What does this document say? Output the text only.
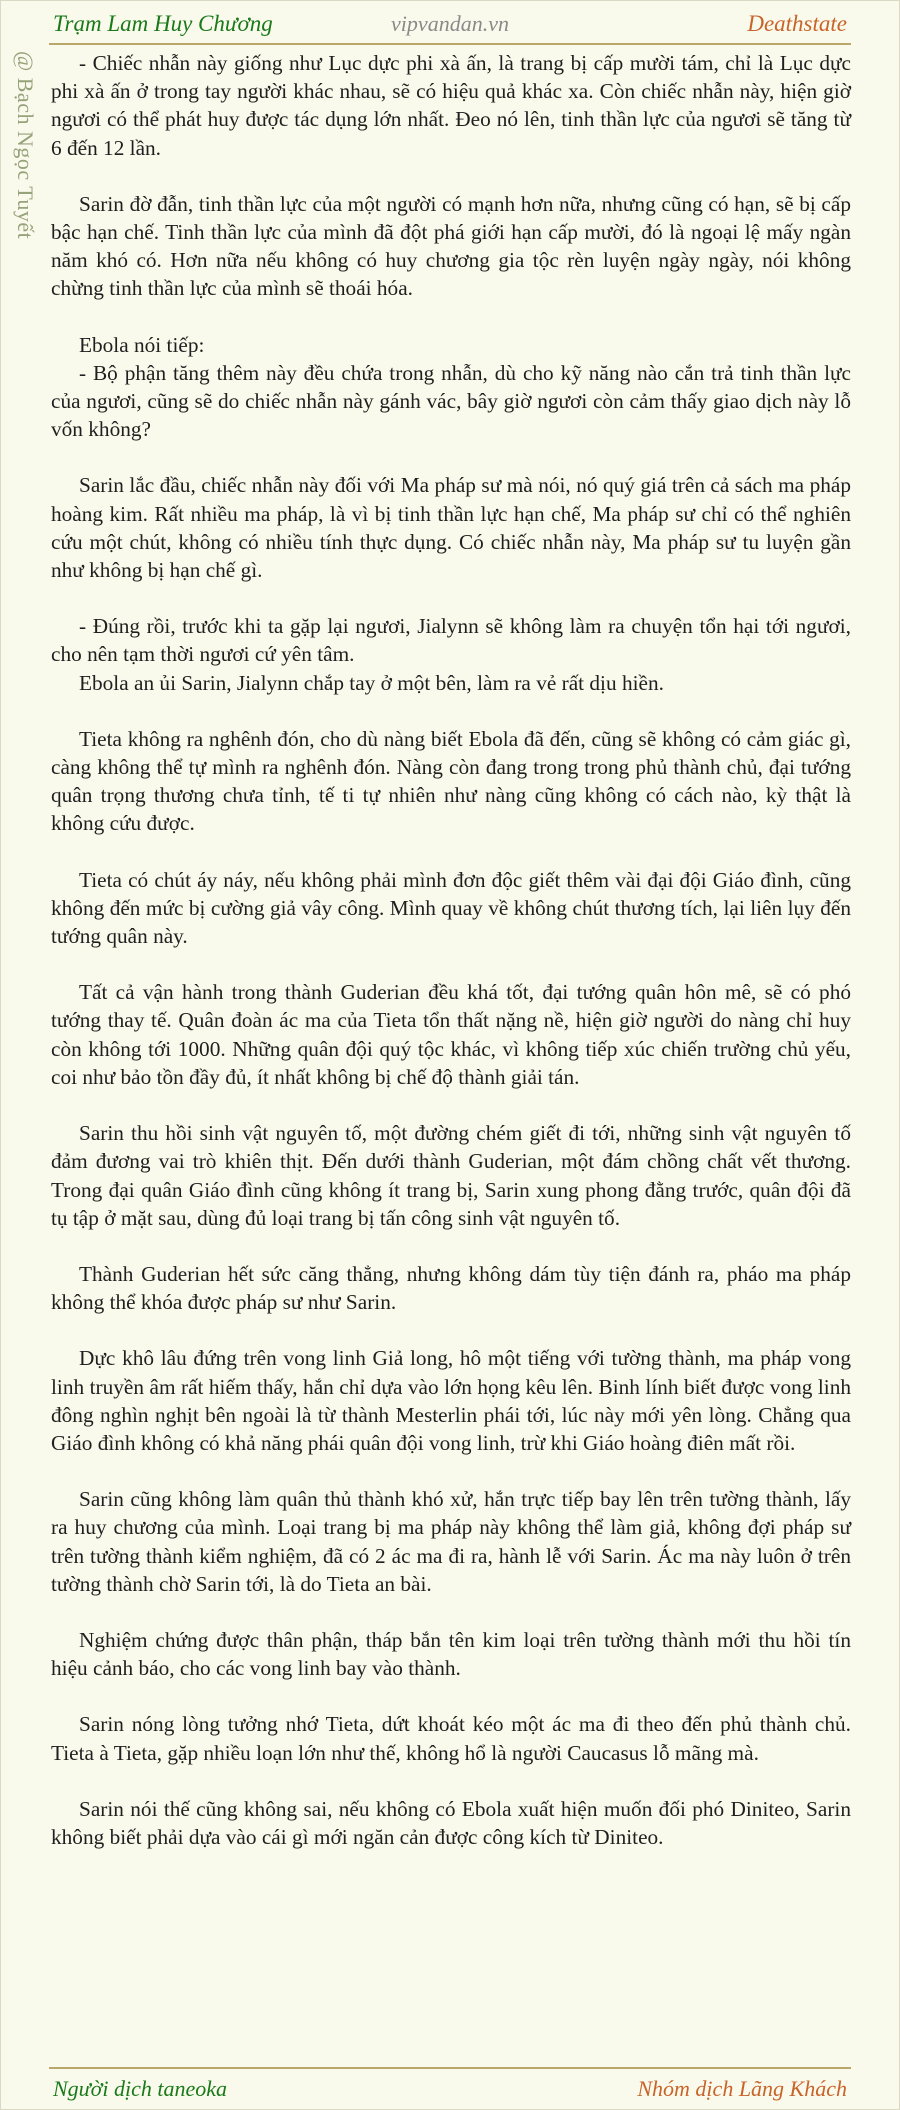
Trạm Lam Huy Chương	vipvandan.vn	Deathstate
@ Bạch Ngọc Tuyết	- Chiếc nhẫn này giống như Lục dực phi xà ấn, là trang bị cấp mười tám, chỉ là Lục dực phi xà ấn ở trong tay người khác nhau, sẽ có hiệu quả khác xa. Còn chiếc nhẫn này, hiện giờ ngươi có thể phát huy được tác dụng lớn nhất. Đeo nó lên, tinh thần lực của ngươi sẽ tăng từ 6 đến 12 lần.

Sarin đờ đẫn, tinh thần lực của một người có mạnh hơn nữa, nhưng cũng có hạn, sẽ bị cấp bậc hạn chế. Tinh thần lực của mình đã đột phá giới hạn cấp mười, đó là ngoại lệ mấy ngàn năm khó có. Hơn nữa nếu không có huy chương gia tộc rèn luyện ngày ngày, nói không chừng tinh thần lực của mình sẽ thoái hóa.

Ebola nói tiếp:

- Bộ phận tăng thêm này đều chứa trong nhẫn, dù cho kỹ năng nào cắn trả tinh thần lực của ngươi, cũng sẽ do chiếc nhẫn này gánh vác, bây giờ ngươi còn cảm thấy giao dịch này lỗ vốn không?

Sarin lắc đầu, chiếc nhẫn này đối với Ma pháp sư mà nói, nó quý giá trên cả sách ma pháp hoàng kim. Rất nhiều ma pháp, là vì bị tinh thần lực hạn chế, Ma pháp sư chỉ có thể nghiên cứu một chút, không có nhiều tính thực dụng. Có chiếc nhẫn này, Ma pháp sư tu luyện gần như không bị hạn chế gì.

- Đúng rồi, trước khi ta gặp lại ngươi, Jialynn sẽ không làm ra chuyện tổn hại tới ngươi, cho nên tạm thời ngươi cứ yên tâm.

Ebola an ủi Sarin, Jialynn chắp tay ở một bên, làm ra vẻ rất dịu hiền.

Tieta không ra nghênh đón, cho dù nàng biết Ebola đã đến, cũng sẽ không có cảm giác gì, càng không thể tự mình ra nghênh đón. Nàng còn đang trong trong phủ thành chủ, đại tướng quân trọng thương chưa tỉnh, tế ti tự nhiên như nàng cũng không có cách nào, kỳ thật là không cứu được.

Tieta có chút áy náy, nếu không phải mình đơn độc giết thêm vài đại đội Giáo đình, cũng không đến mức bị cường giả vây công. Mình quay về không chút thương tích, lại liên lụy đến tướng quân này.

Tất cả vận hành trong thành Guderian đều khá tốt, đại tướng quân hôn mê, sẽ có phó tướng thay tế. Quân đoàn ác ma của Tieta tổn thất nặng nề, hiện giờ người do nàng chỉ huy còn không tới 1000. Những quân đội quý tộc khác, vì không tiếp xúc chiến trường chủ yếu, coi như bảo tồn đầy đủ, ít nhất không bị chế độ thành giải tán.

Sarin thu hồi sinh vật nguyên tố, một đường chém giết đi tới, những sinh vật nguyên tố đảm đương vai trò khiên thịt. Đến dưới thành Guderian, một đám chồng chất vết thương. Trong đại quân Giáo đình cũng không ít trang bị, Sarin xung phong đằng trước, quân đội đã tụ tập ở mặt sau, dùng đủ loại trang bị tấn công sinh vật nguyên tố.

Thành Guderian hết sức căng thẳng, nhưng không dám tùy tiện đánh ra, pháo ma pháp không thể khóa được pháp sư như Sarin.

Dực khô lâu đứng trên vong linh Giả long, hô một tiếng với tường thành, ma pháp vong linh truyền âm rất hiếm thấy, hắn chỉ dựa vào lớn họng kêu lên. Binh lính biết được vong linh đông nghìn nghịt bên ngoài là từ thành Mesterlin phái tới, lúc này mới yên lòng. Chẳng qua Giáo đình không có khả năng phái quân đội vong linh, trừ khi Giáo hoàng điên mất rồi.

Sarin cũng không làm quân thủ thành khó xử, hắn trực tiếp bay lên trên tường thành, lấy ra huy chương của mình. Loại trang bị ma pháp này không thể làm giả, không đợi pháp sư trên tường thành kiểm nghiệm, đã có 2 ác ma đi ra, hành lễ với Sarin. Ác ma này luôn ở trên tường thành chờ Sarin tới, là do Tieta an bài.

Nghiệm chứng được thân phận, tháp bắn tên kim loại trên tường thành mới thu hồi tín hiệu cảnh báo, cho các vong linh bay vào thành.

Sarin nóng lòng tưởng nhớ Tieta, dứt khoát kéo một ác ma đi theo đến phủ thành chủ. Tieta à Tieta, gặp nhiều loạn lớn như thế, không hổ là người Caucasus lỗ mãng mà.

Sarin nói thế cũng không sai, nếu không có Ebola xuất hiện muốn đối phó Diniteo, Sarin không biết phải dựa vào cái gì mới ngăn cản được công kích từ Diniteo.

Người dịch taneoka	Nhóm dịch Lãng Khách
